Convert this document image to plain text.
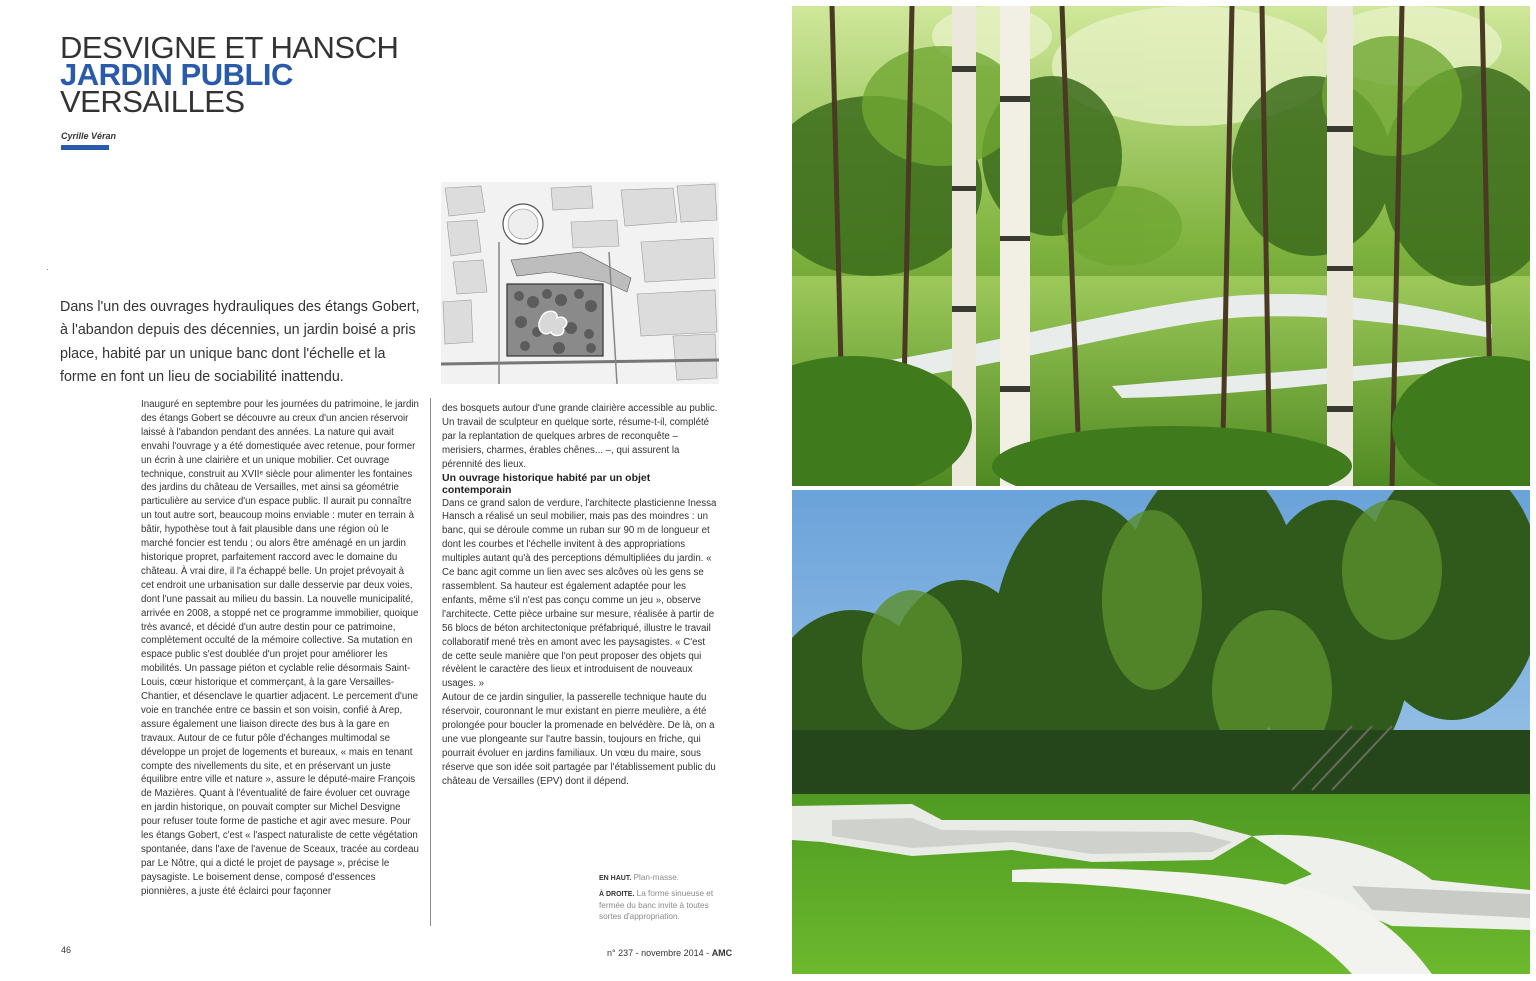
DESVIGNE ET HANSCH
JARDIN PUBLIC
VERSAILLES
Cyrille Véran
·
Dans l'un des ouvrages hydrauliques des étangs Gobert, à l'abandon depuis des décennies, un jardin boisé a pris place, habité par un unique banc dont l'échelle et la forme en font un lieu de sociabilité inattendu.

Inauguré en septembre pour les journées du patrimoine, le jardin des étangs Gobert se découvre au creux d'un ancien réservoir laissé à l'abandon pendant des années. La nature qui avait envahi l'ouvrage y a été domestiquée avec retenue, pour former un écrin à une clairière et un unique mobilier. Cet ouvrage technique, construit au XVIIᵉ siècle pour alimenter les fontaines des jardins du château de Versailles, met ainsi sa géométrie particulière au service d'un espace public. Il aurait pu connaître un tout autre sort, beaucoup moins enviable : muter en terrain à bâtir, hypothèse tout à fait plausible dans une région où le marché foncier est tendu ; ou alors être aménagé en un jardin historique propret, parfaitement raccord avec le domaine du château. À vrai dire, il l'a échappé belle. Un projet prévoyait à cet endroit une urbanisation sur dalle desservie par deux voies, dont l'une passait au milieu du bassin. La nouvelle municipalité, arrivée en 2008, a stoppé net ce programme immobilier, quoique très avancé, et décidé d'un autre destin pour ce patrimoine, complètement occulté de la mémoire collective. Sa mutation en espace public s'est doublée d'un projet pour améliorer les mobilités. Un passage piéton et cyclable relie désormais Saint-Louis, cœur historique et commerçant, à la gare Versailles-Chantier, et désenclave le quartier adjacent. Le percement d'une voie en tranchée entre ce bassin et son voisin, confié à Arep, assure également une liaison directe des bus à la gare en travaux. Autour de ce futur pôle d'échanges multimodal se développe un projet de logements et bureaux, « mais en tenant compte des nivellements du site, et en préservant un juste équilibre entre ville et nature », assure le député-maire François de Mazières. Quant à l'éventualité de faire évoluer cet ouvrage en jardin historique, on pouvait compter sur Michel Desvigne pour refuser toute forme de pastiche et agir avec mesure. Pour les étangs Gobert, c'est « l'aspect naturaliste de cette végétation spontanée, dans l'axe de l'avenue de Sceaux, tracée au cordeau par Le Nôtre, qui a dicté le projet de paysage », précise le paysagiste. Le boisement dense, composé d'essences pionnières, a juste été éclairci pour façonner

des bosquets autour d'une grande clairière accessible au public. Un travail de sculpteur en quelque sorte, résume-t-il, complété par la replantation de quelques arbres de reconquête – merisiers, charmes, érables chênes... –, qui assurent la pérennité des lieux.

Un ouvrage historique habité par un objet contemporain

Dans ce grand salon de verdure, l'architecte plasticienne Inessa Hansch a réalisé un seul mobilier, mais pas des moindres : un banc, qui se déroule comme un ruban sur 90 m de longueur et dont les courbes et l'échelle invitent à des appropriations multiples autant qu'à des perceptions démultipliées du jardin. « Ce banc agit comme un lien avec ses alcôves où les gens se rassemblent. Sa hauteur est également adaptée pour les enfants, même s'il n'est pas conçu comme un jeu », observe l'architecte. Cette pièce urbaine sur mesure, réalisée à partir de 56 blocs de béton architectonique préfabriqué, illustre le travail collaboratif mené très en amont avec les paysagistes. « C'est de cette seule manière que l'on peut proposer des objets qui révèlent le caractère des lieux et introduisent de nouveaux usages. »

Autour de ce jardin singulier, la passerelle technique haute du réservoir, couronnant le mur existant en pierre meulière, a été prolongée pour boucler la promenade en belvédère. De là, on a une vue plongeante sur l'autre bassin, toujours en friche, qui pourrait évoluer en jardins familiaux. Un vœu du maire, sous réserve que son idée soit partagée par l'établissement public du château de Versailles (EPV) dont il dépend.

EN HAUT. Plan-masse.
À DROITE. La forme sinueuse et fermée du banc invite à toutes sortes d'appropriation.
46	n° 237 - novembre 2014 - AMC
